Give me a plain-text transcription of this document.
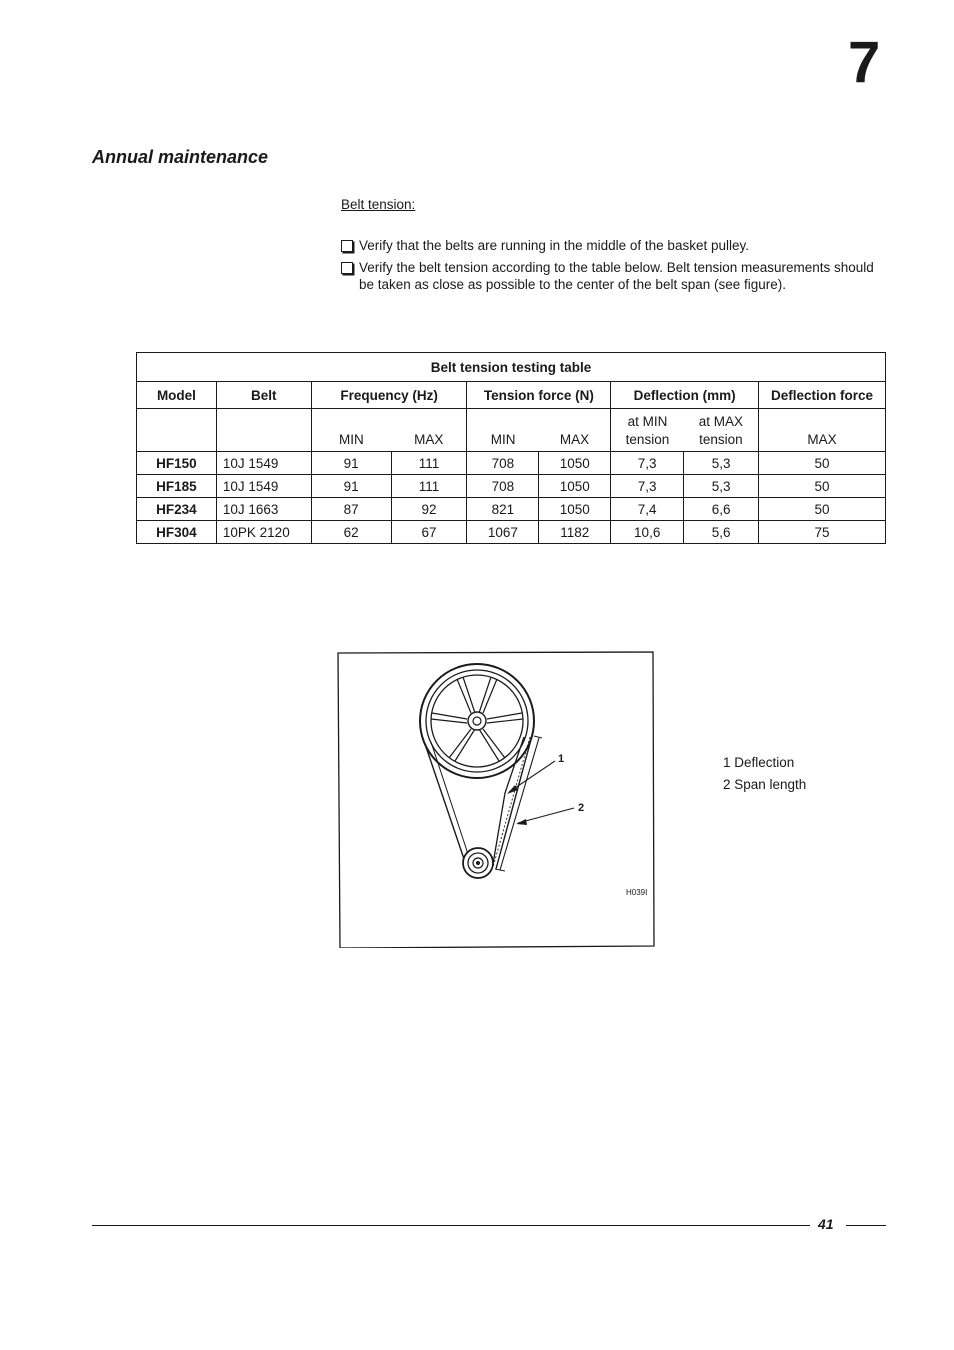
7
Annual maintenance
Belt tension:
Verify that the belts are running in the middle of the basket pulley.
Verify the belt tension according to the table below. Belt tension measurements should be taken as close as possible to the center of the belt span (see figure).
Belt tension testing table								
Model	Belt	Frequency (Hz)		Tension force (N)		Deflection (mm)		Deflection force
		MIN	MAX	MIN	MAX	at MIN tension	at MAX tension	MAX
HF150	10J 1549	91	111	708	1050	7,3	5,3	50
HF185	10J 1549	91	111	708	1050	7,3	5,3	50
HF234	10J 1663	87	92	821	1050	7,4	6,6	50
HF304	10PK 2120	62	67	1067	1182	10,6	5,6	75
1
2
H039I
1 Deflection
2 Span length
41
